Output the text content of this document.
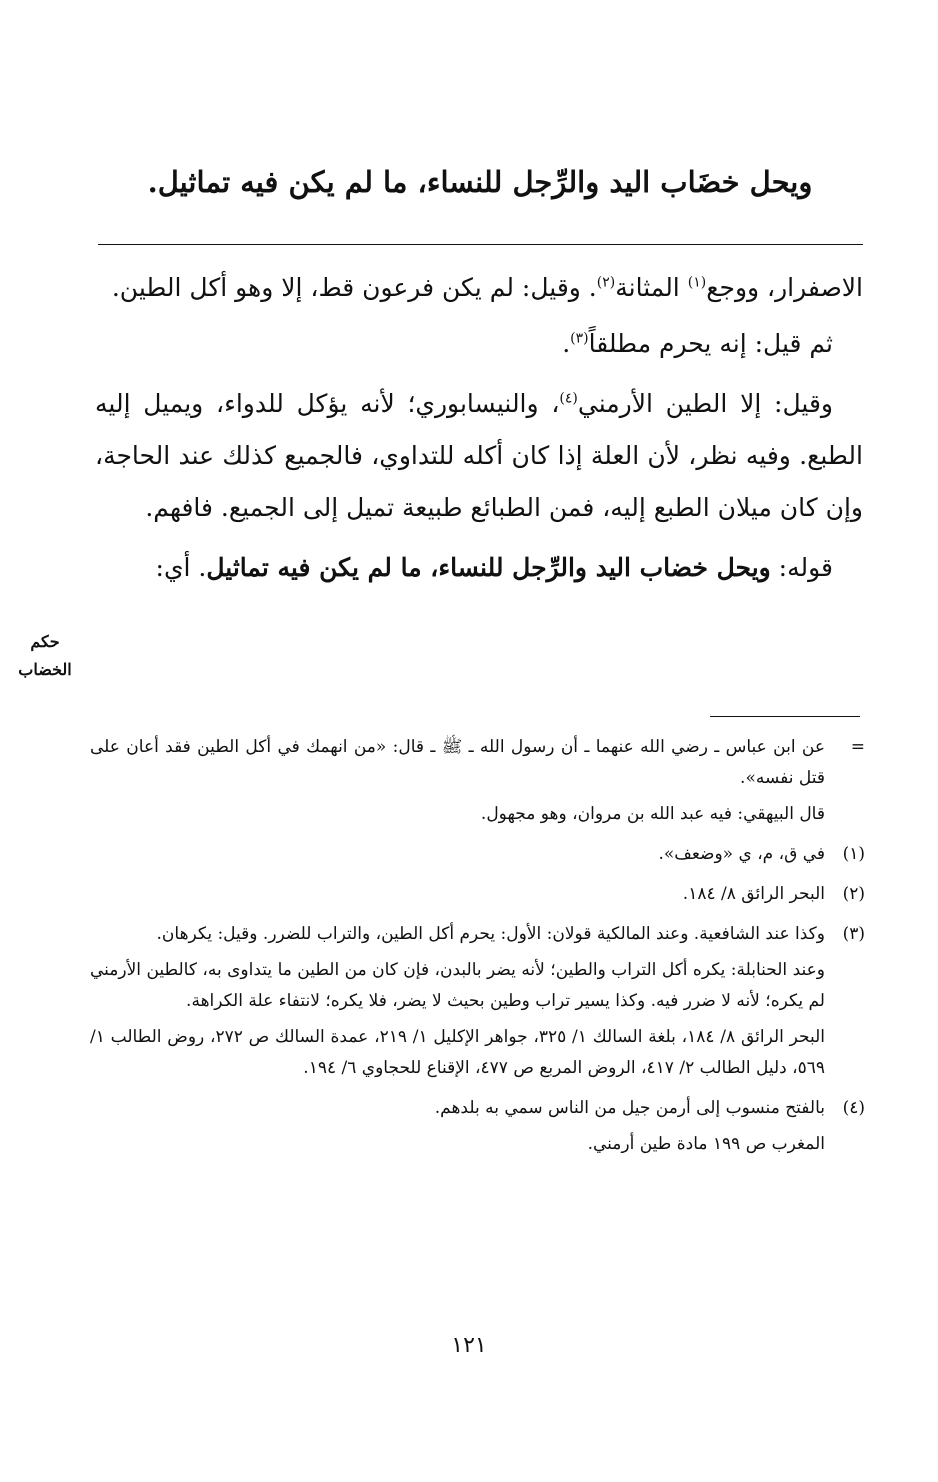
ويحل خضَاب اليد والرِّجل للنساء، ما لم يكن فيه تماثيل.

الاصفرار، ووجع$^{(١)}$ المثانة$^{(٢)}$. وقيل: لم يكن فرعون قط، إلا وهو أكل الطين.

ثم قيل: إنه يحرم مطلقاً$^{(٣)}$.

وقيل: إلا الطين الأرمني$^{(٤)}$، والنيسابوري؛ لأنه يؤكل للدواء، ويميل إليه الطبع. وفيه نظر، لأن العلة إذا كان أكله للتداوي، فالجميع كذلك عند الحاجة، وإن كان ميلان الطبع إليه، فمن الطبائع طبيعة تميل إلى الجميع. فافهم.

قوله: ويحل خضاب اليد والرِّجل للنساء، ما لم يكن فيه تماثيل. أي:

حكم
الخضاب
=

عن ابن عباس ـ رضي الله عنهما ـ أن رسول الله ـ ﷺ ـ قال: «من انهمك في أكل الطين فقد أعان على قتل نفسه».

قال البيهقي: فيه عبد الله بن مروان، وهو مجهول.

(١)

في ق، م، ي «وضعف».

(٢)

البحر الرائق ٨/ ١٨٤.

(٣)

وكذا عند الشافعية. وعند المالكية قولان: الأول: يحرم أكل الطين، والتراب للضرر. وقيل: يكرهان.

وعند الحنابلة: يكره أكل التراب والطين؛ لأنه يضر بالبدن، فإن كان من الطين ما يتداوى به، كالطين الأرمني لم يكره؛ لأنه لا ضرر فيه. وكذا يسير تراب وطين بحيث لا يضر، فلا يكره؛ لانتفاء علة الكراهة.

البحر الرائق ٨/ ١٨٤، بلغة السالك ١/ ٣٢٥، جواهر الإكليل ١/ ٢١٩، عمدة السالك ص ٢٧٢، روض الطالب ١/ ٥٦٩، دليل الطالب ٢/ ٤١٧، الروض المربع ص ٤٧٧، الإقناع للحجاوي ٦/ ١٩٤.

(٤)

بالفتح منسوب إلى أرمن جيل من الناس سمي به بلدهم.

المغرب ص ١٩٩ مادة طين أرمني.

١٢١
